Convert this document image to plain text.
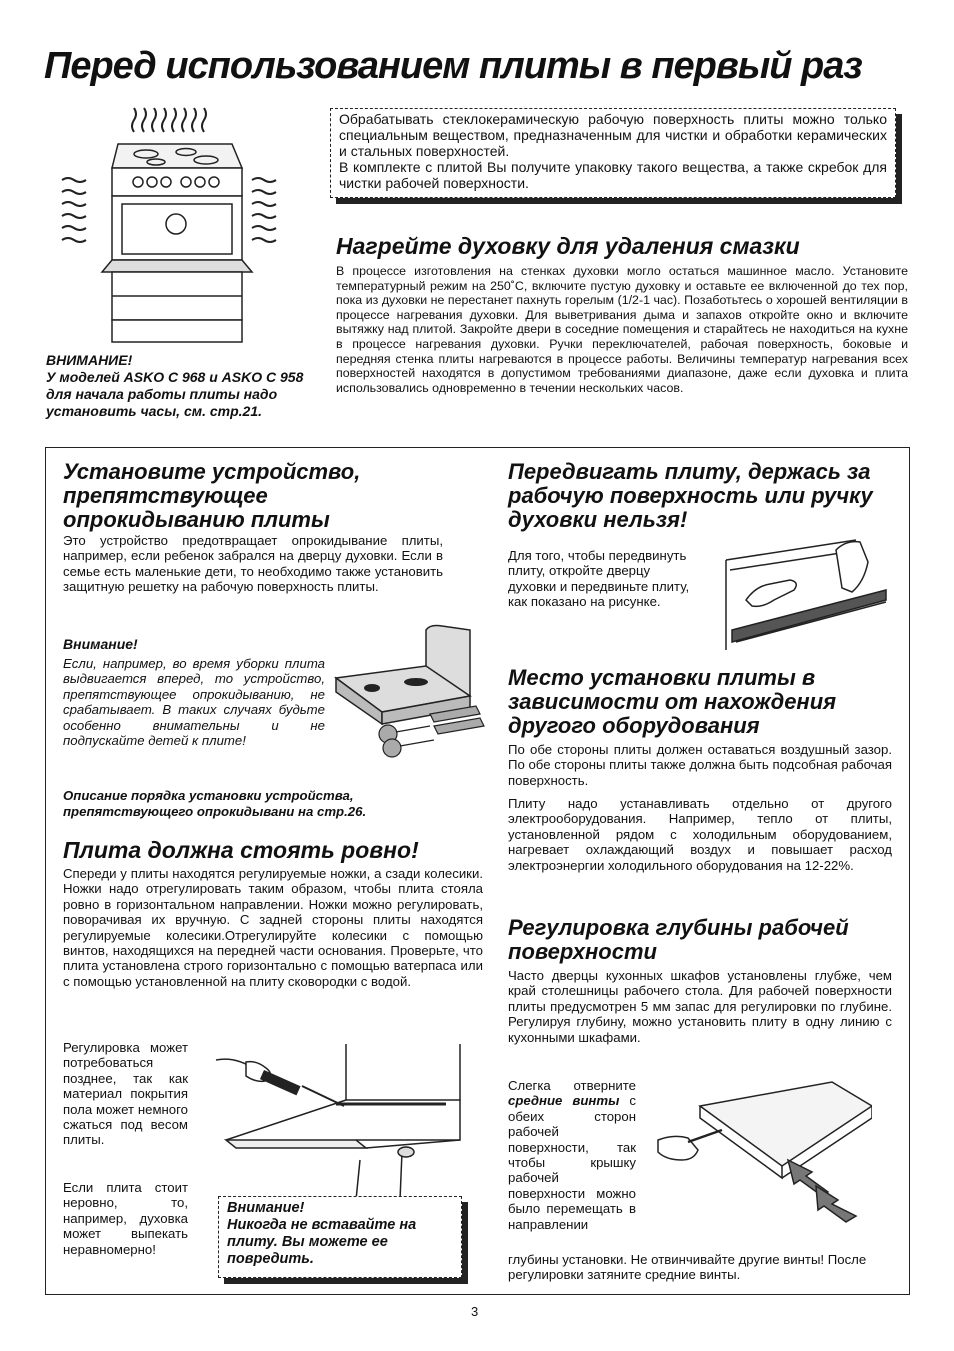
Перед использованием плиты в первый раз

Обрабатывать стеклокерамическую рабочую поверхность плиты можно только специальным веществом, предназначенным для чистки и обработки керамических и стальных поверхностей.

В комплекте с плитой Вы получите упаковку такого вещества, а также скребок для чистки рабочей поверхности.

ВНИМАНИЕ!
У моделей ASKO С 968 и ASKO С 958 для начала работы плиты надо установить часы, см. стр.21.
Нагрейте духовку для удаления смазки

В процессе изготовления на стенках духовки могло остаться машинное масло. Установите температурный режим на 250˚C, включите пустую духовку и оставьте ее включенной до тех пор, пока из духовки не перестанет пахнуть горелым (1/2-1 час). Позаботьтесь о хорошей вентиляции в процессе нагревания духовки. Для выветривания дыма и запахов откройте окно и включите вытяжку над плитой. Закройте двери в соседние помещения и старайтесь не находиться на кухне в процессе нагревания духовки. Ручки переключателей, рабочая поверхность, боковые и передняя стенка плиты нагреваются в процессе работы. Величины температур нагревания всех поверхностей находятся в допустимом требованиями диапазоне, даже если духовка и плита использовались одновременно в течении нескольких часов.

Установите устройство, препятствующее опрокидыванию плиты

Это устройство предотвращает опрокидывание плиты, например, если ребенок забрался на дверцу духовки. Если в семье есть маленькие дети, то необходимо также установить защитную решетку на рабочую поверхность плиты.

Внимание!

Если, например, во время уборки плита выдвигается вперед, то устройство, препятствующее опрокидыванию, не срабатывает. В таких случаях будьте особенно внимательны и не подпускайте детей к плите!

Описание порядка установки устройства, препятствующего опрокидывани на стр.26.

Плита должна стоять ровно!

Спереди у плиты находятся регулируемые ножки, а сзади колесики. Ножки надо отрегулировать таким образом, чтобы плита стояла ровно в горизонтальном направлении. Ножки можно регулировать, поворачивая их вручную. С задней стороны плиты находятся регулируемые колесики.Отрегулируйте колесики с помощью винтов, находящихся на передней части основания. Проверьте, что плита установлена строго горизонтально с помощью ватерпаса или с помощью установленной на плиту сковородки с водой.

Регулировка может потребоваться позднее, так как материал покрытия пола может немного сжаться под весом плиты.

Если плита стоит неровно, то, например, духовка может выпекать неравномерно!

Внимание!
Никогда не вставайте на плиту. Вы можете ее повредить.
Передвигать плиту, держась за рабочую поверхность или ручку духовки нельзя!

Для того, чтобы передвинуть плиту, откройте дверцу духовки и передвиньте плиту, как показано на рисунке.

Место установки плиты в зависимости от нахождения другого оборудования

По обе стороны плиты должен оставаться воздушный зазор. По обе стороны плиты также должна быть подсобная рабочая поверхность.

Плиту надо устанавливать отдельно от другого электрооборудования. Например, тепло от плиты, установленной рядом с холодильным оборудованием, нагревает охлаждающий воздух и повышает расход электроэнергии холодильного оборудования на 12-22%.

Регулировка глубины рабочей поверхности

Часто дверцы кухонных шкафов установлены глубже, чем край столешницы рабочего стола. Для рабочей поверхности плиты предусмотрен 5 мм запас для регулировки по глубине. Регулируя глубину, можно установить плиту в одну линию с кухонными шкафами.

Слегка отверните средние винты с обеих сторон рабочей поверхности, так чтобы крышку рабочей поверхности можно было перемещать в направлении

глубины установки. Не отвинчивайте другие винты! После регулировки затяните средние винты.

3
